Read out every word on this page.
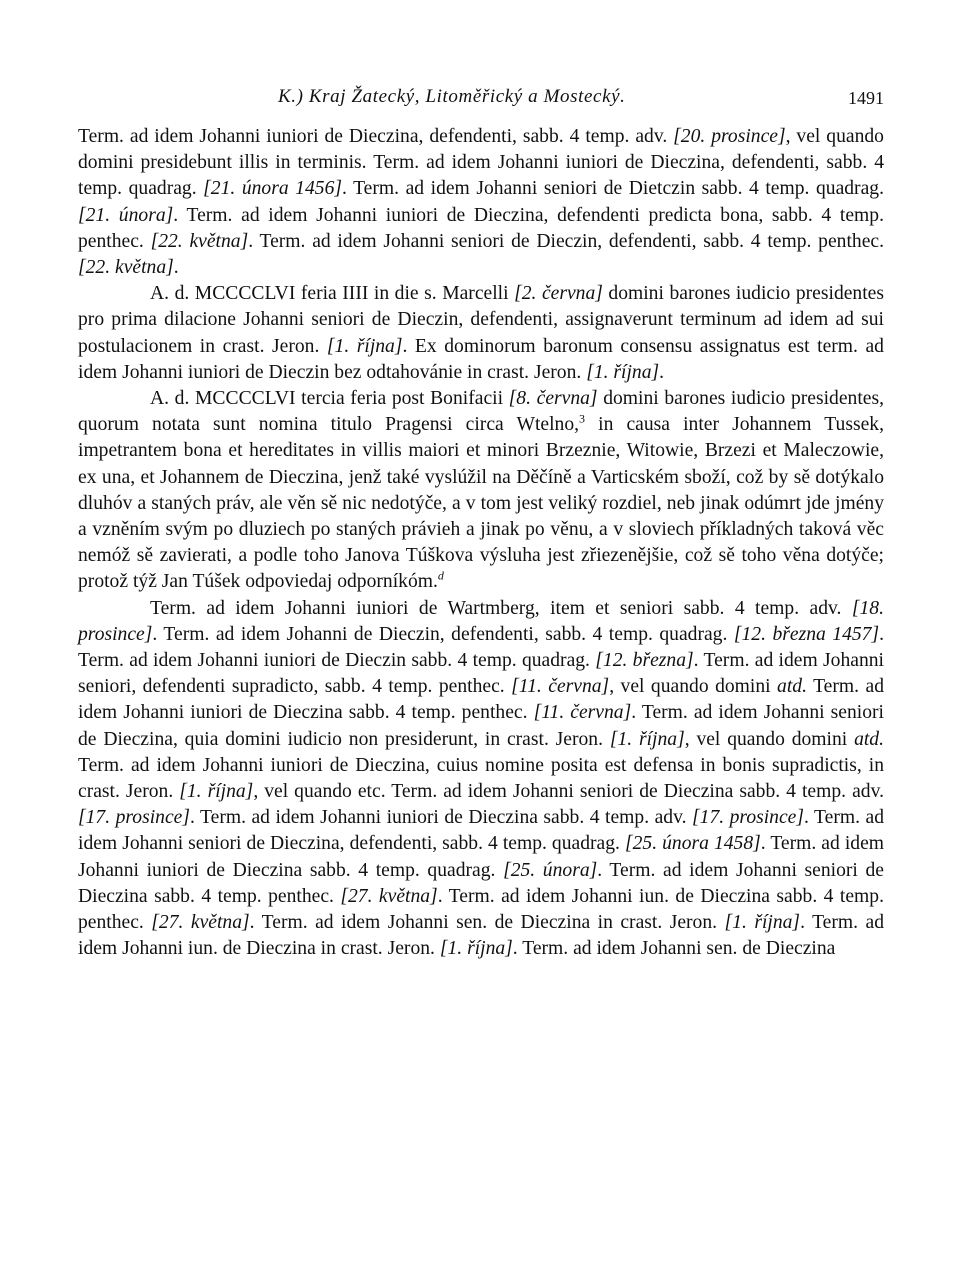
K.) Kraj Žatecký, Litoměřický a Mostecký.	1491

Term. ad idem Johanni iuniori de Dieczina, defendenti, sabb. 4 temp. adv. [20. prosince], vel quando domini presidebunt illis in terminis. Term. ad idem Johanni iuniori de Dieczina, defendenti, sabb. 4 temp. quadrag. [21. února 1456]. Term. ad idem Johanni seniori de Dietczin sabb. 4 temp. quadrag. [21. února]. Term. ad idem Johanni iuniori de Dieczina, defendenti predicta bona, sabb. 4 temp. penthec. [22. května]. Term. ad idem Johanni seniori de Dieczin, defendenti, sabb. 4 temp. penthec. [22. května].

A. d. MCCCCLVI feria IIII in die s. Marcelli [2. června] domini barones iudicio presidentes pro prima dilacione Johanni seniori de Dieczin, defendenti, assignaverunt terminum ad idem ad sui postulacionem in crast. Jeron. [1. října]. Ex dominorum baronum consensu assignatus est term. ad idem Johanni iuniori de Dieczin bez odtahovánie in crast. Jeron. [1. října].

A. d. MCCCCLVI tercia feria post Bonifacii [8. června] domini barones iudicio presidentes, quorum notata sunt nomina titulo Pragensi circa Wtelno,$^3$ in causa inter Johannem Tussek, impetrantem bona et hereditates in villis maiori et minori Brzeznie, Witowie, Brzezi et Maleczowie, ex una, et Johannem de Dieczina, jenž také vyslúžil na Děčíně a Varticském sboží, což by sě dotýkalo dluhóv a staných práv, ale věn sě nic nedotýče, a v tom jest veliký rozdiel, neb jinak odúmrt jde jmény a vzněním svým po dluziech po staných právieh a jinak po věnu, a v sloviech příkladných taková věc nemóž sě zavierati, a podle toho Janova Túškova výsluha jest zřiezenějšie, což sě toho věna dotýče; protož týž Jan Túšek odpoviedaj odporníkóm.$^d$

Term. ad idem Johanni iuniori de Wartmberg, item et seniori sabb. 4 temp. adv. [18. prosince]. Term. ad idem Johanni de Dieczin, defendenti, sabb. 4 temp. quadrag. [12. března 1457]. Term. ad idem Johanni iuniori de Dieczin sabb. 4 temp. quadrag. [12. března]. Term. ad idem Johanni seniori, defendenti supradicto, sabb. 4 temp. penthec. [11. června], vel quando domini atd. Term. ad idem Johanni iuniori de Dieczina sabb. 4 temp. penthec. [11. června]. Term. ad idem Johanni seniori de Dieczina, quia domini iudicio non presiderunt, in crast. Jeron. [1. října], vel quando domini atd. Term. ad idem Johanni iuniori de Dieczina, cuius nomine posita est defensa in bonis supradictis, in crast. Jeron. [1. října], vel quando etc. Term. ad idem Johanni seniori de Dieczina sabb. 4 temp. adv. [17. prosince]. Term. ad idem Johanni iuniori de Dieczina sabb. 4 temp. adv. [17. prosince]. Term. ad idem Johanni seniori de Dieczina, defendenti, sabb. 4 temp. quadrag. [25. února 1458]. Term. ad idem Johanni iuniori de Dieczina sabb. 4 temp. quadrag. [25. února]. Term. ad idem Johanni seniori de Dieczina sabb. 4 temp. penthec. [27. května]. Term. ad idem Johanni iun. de Dieczina sabb. 4 temp. penthec. [27. května]. Term. ad idem Johanni sen. de Dieczina in crast. Jeron. [1. října]. Term. ad idem Johanni iun. de Dieczina in crast. Jeron. [1. října]. Term. ad idem Johanni sen. de Dieczina
